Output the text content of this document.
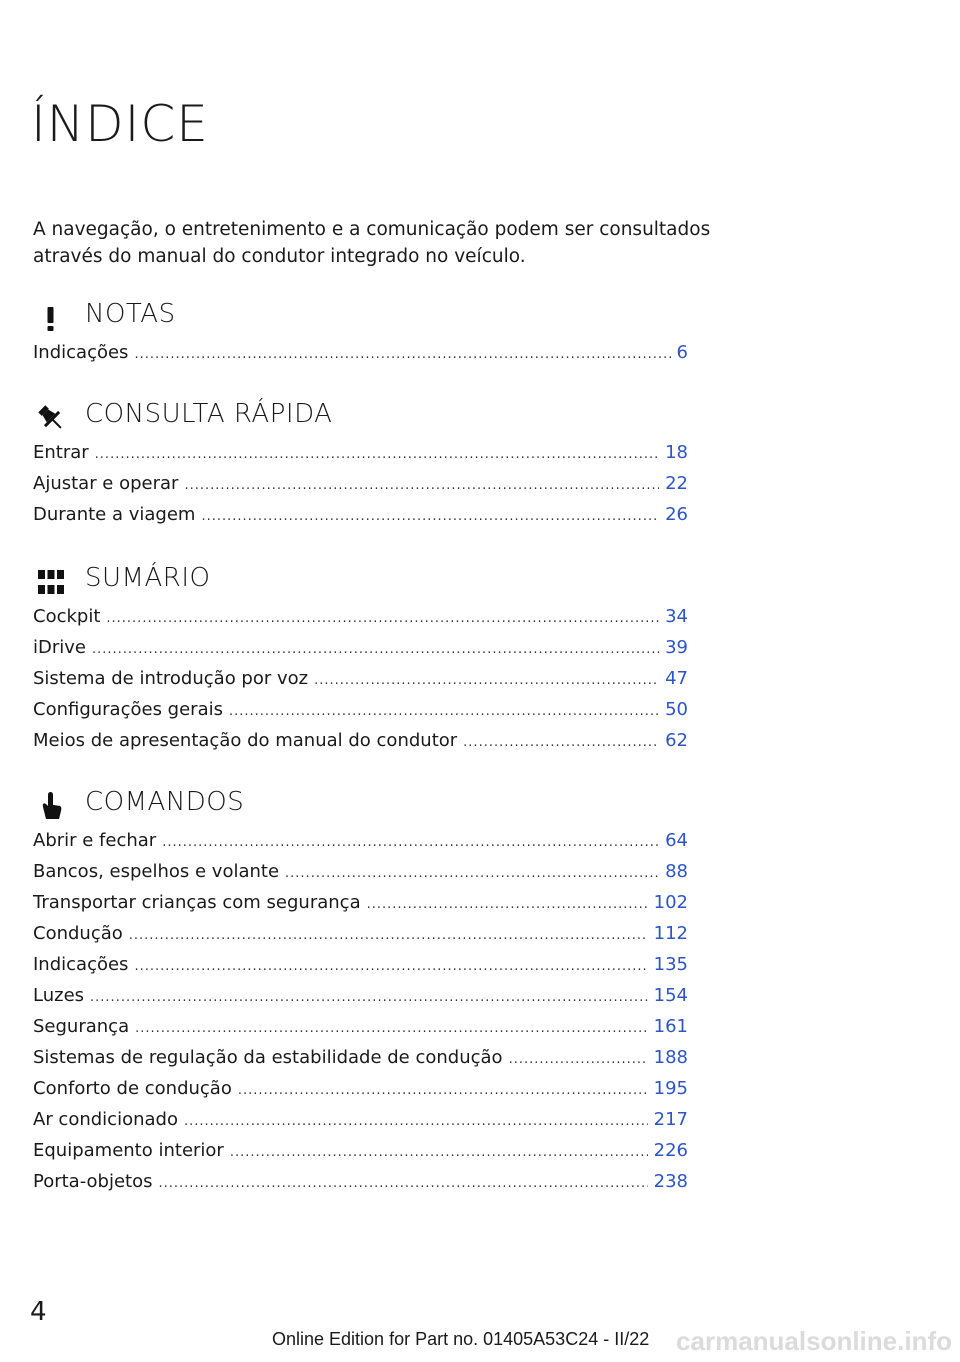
ÍNDICE
A navegação, o entretenimento e a comunicação podem ser consultados através do manual do condutor integrado no veículo.
NOTAS
Indicações .....	6
CONSULTA RÁPIDA
Entrar .....	18
Ajustar e operar .....	22
Durante a viagem .....	26
SUMÁRIO
Cockpit .....	34
iDrive .....	39
Sistema de introdução por voz .....	47
Configurações gerais .....	50
Meios de apresentação do manual do condutor .....	62
COMANDOS
Abrir e fechar .....	64
Bancos, espelhos e volante .....	88
Transportar crianças com segurança .....	102
Condução .....	112
Indicações .....	135
Luzes .....	154
Segurança .....	161
Sistemas de regulação da estabilidade de condução .....	188
Conforto de condução .....	195
Ar condicionado .....	217
Equipamento interior .....	226
Porta-objetos .....	238
4
Online Edition for Part no. 01405A53C24 - II/22 carmanualsonline.info
